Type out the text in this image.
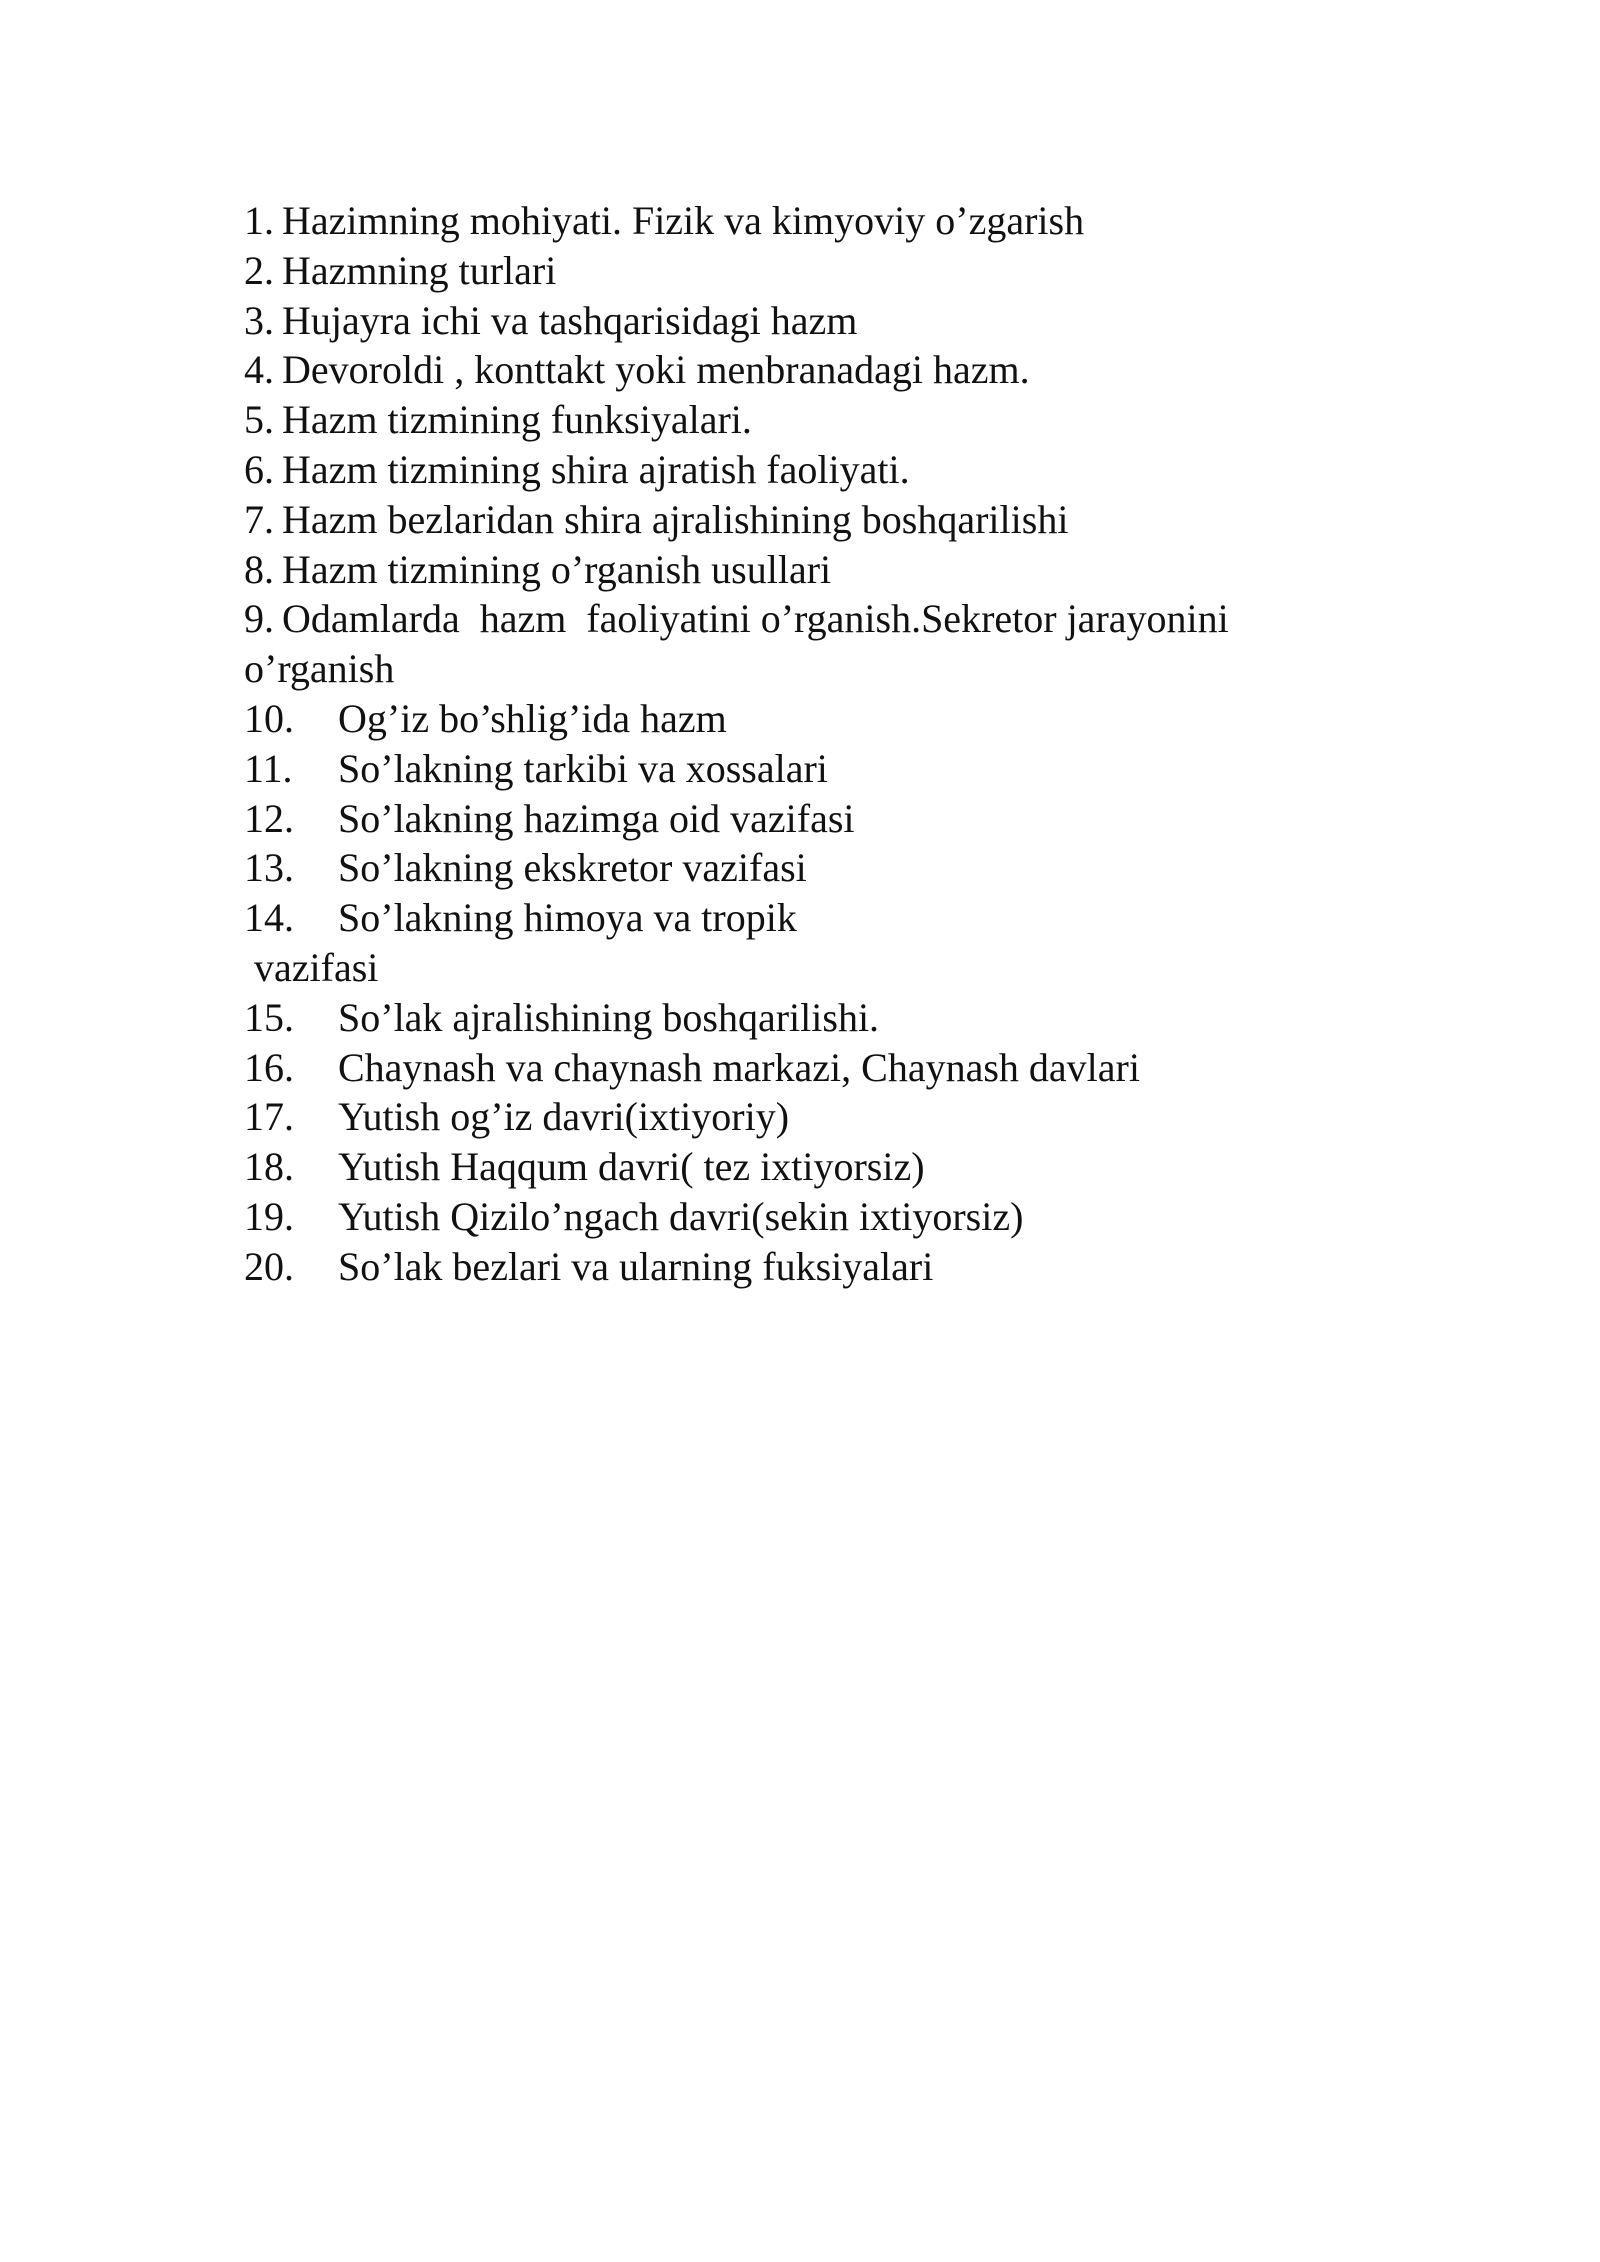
1. Hazimning mohiyati. Fizik va kimyoviy o’zgarish
2. Hazmning turlari
3. Hujayra ichi va tashqarisidagi hazm
4. Devoroldi , konttakt yoki menbranadagi hazm.
5. Hazm tizmining funksiyalari.
6. Hazm tizmining shira ajratish faoliyati.
7. Hazm bezlaridan shira ajralishining boshqarilishi
8. Hazm tizmining o’rganish usullari
9. Odamlarda  hazm  faoliyatini o’rganish.Sekretor jarayonini
o’rganish
10. Og’iz bo’shlig’ida hazm
11. So’lakning tarkibi va xossalari
12. So’lakning hazimga oid vazifasi
13. So’lakning ekskretor vazifasi
14. So’lakning himoya va tropik
vazifasi
15. So’lak ajralishining boshqarilishi.
16. Chaynash va chaynash markazi, Chaynash davlari
17. Yutish og’iz davri(ixtiyoriy)
18. Yutish Haqqum davri( tez ixtiyorsiz)
19. Yutish Qizilo’ngach davri(sekin ixtiyorsiz)
20. So’lak bezlari va ularning fuksiyalari
